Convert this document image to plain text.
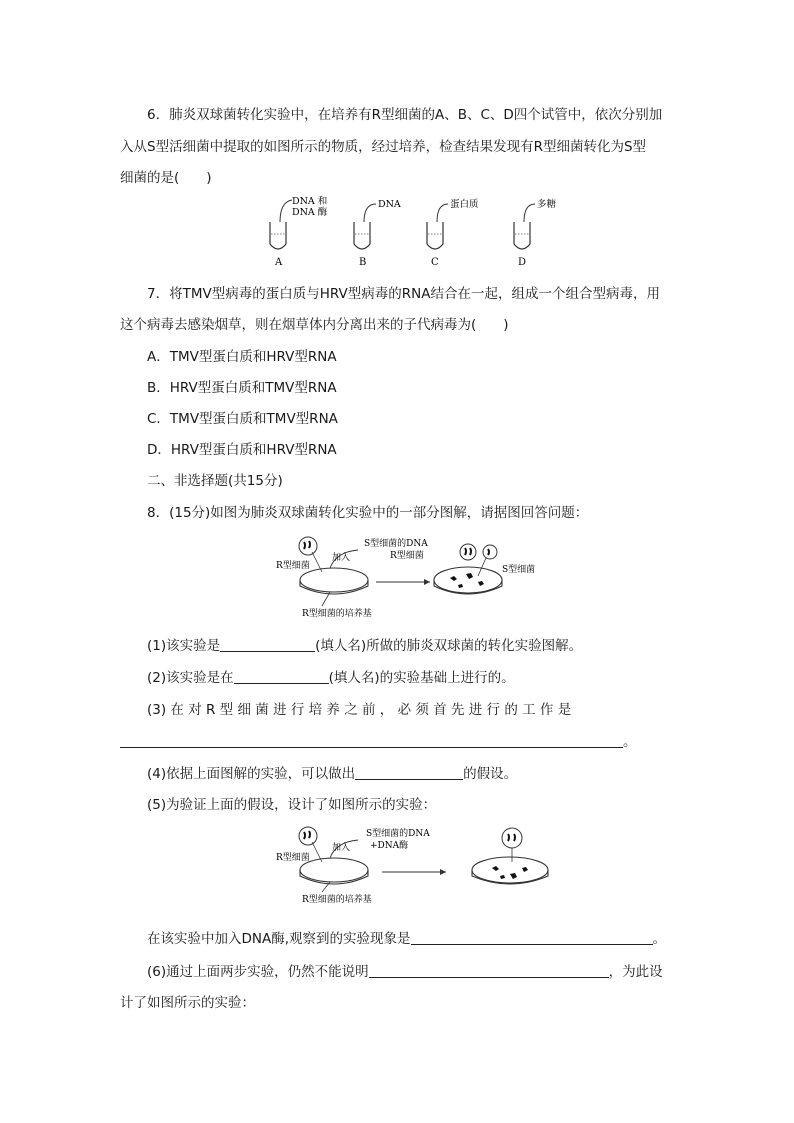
6．肺炎双球菌转化实验中，在培养有R型细菌的A、B、C、D四个试管中，依次分别加
入从S型活细菌中提取的如图所示的物质，经过培养，检查结果发现有R型细菌转化为S型
细菌的是(　　)
DNA 和
DNA 酶
A
DNA
B
蛋白质
C
多糖
D
7．将TMV型病毒的蛋白质与HRV型病毒的RNA结合在一起，组成一个组合型病毒，用
这个病毒去感染烟草，则在烟草体内分离出来的子代病毒为(　　)
A．TMV型蛋白质和HRV型RNA
B．HRV型蛋白质和TMV型RNA
C．TMV型蛋白质和TMV型RNA
D．HRV型蛋白质和HRV型RNA
二、非选择题(共15分)
8．(15分)如图为肺炎双球菌转化实验中的一部分图解，请据图回答问题：
R型细菌
加入
S型细菌的DNA
R型细菌
S型细菌
R型细菌的培养基
(1)该实验是	(填人名)所做的肺炎双球菌的转化实验图解。
(2)该实验是在	(填人名)的实验基础上进行的。
(3) 在 对 R 型 细 菌 进 行 培 养 之 前 ， 必 须 首 先 进 行 的 工 作 是
。
(4)依据上面图解的实验，可以做出	的假设。
(5)为验证上面的假设，设计了如图所示的实验：
R型细菌
加入
S型细菌的DNA
+DNA酶
R型细菌的培养基
在该实验中加入DNA酶,观察到的实验现象是	。
(6)通过上面两步实验，仍然不能说明	，为此设
计了如图所示的实验：
